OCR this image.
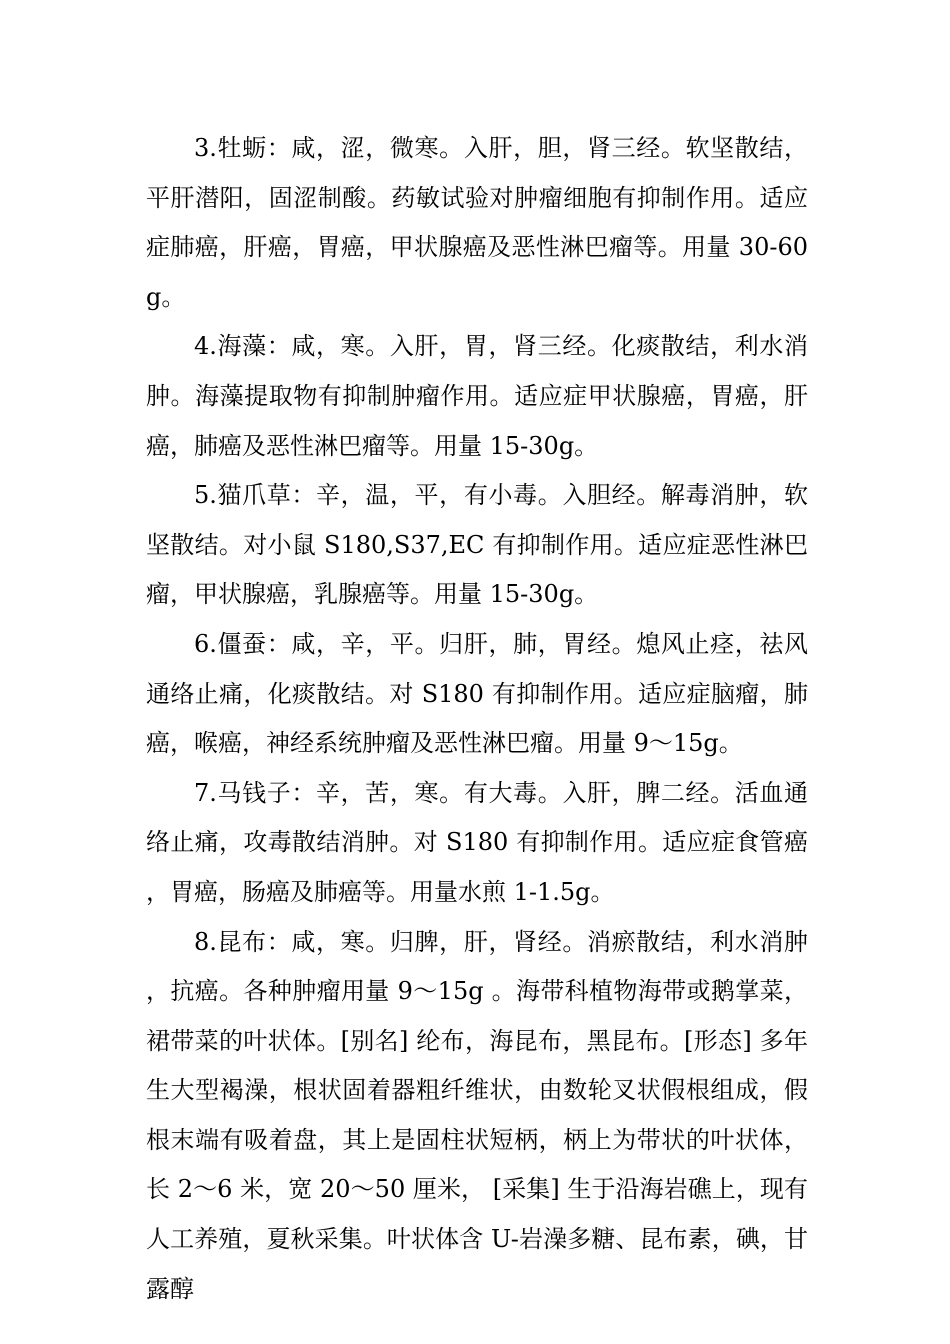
3.牡蛎：咸，涩，微寒。入肝，胆，肾三经。软坚散结，平肝潜阳，固涩制酸。药敏试验对肿瘤细胞有抑制作用。适应症肺癌，肝癌，胃癌，甲状腺癌及恶性淋巴瘤等。用量 30-60g。

4.海藻：咸，寒。入肝，胃，肾三经。化痰散结，利水消肿。海藻提取物有抑制肿瘤作用。适应症甲状腺癌，胃癌，肝癌，肺癌及恶性淋巴瘤等。用量 15-30g。

5.猫爪草：辛，温，平，有小毒。入胆经。解毒消肿，软坚散结。对小鼠 S180,S37,EC 有抑制作用。适应症恶性淋巴瘤，甲状腺癌，乳腺癌等。用量 15-30g。

6.僵蚕：咸，辛，平。归肝，肺，胃经。熄风止痉，祛风通络止痛，化痰散结。对 S180 有抑制作用。适应症脑瘤，肺癌，喉癌，神经系统肿瘤及恶性淋巴瘤。用量 9～15g。

7.马钱子：辛，苦，寒。有大毒。入肝，脾二经。活血通络止痛，攻毒散结消肿。对 S180 有抑制作用。适应症食管癌，胃癌，肠癌及肺癌等。用量水煎 1-1.5g。

8.昆布：咸，寒。归脾，肝，肾经。消瘀散结，利水消肿，抗癌。各种肿瘤用量 9～15g 。海带科植物海带或鹅掌菜，裙带菜的叶状体。[别名] 纶布，海昆布，黑昆布。[形态] 多年生大型褐澡，根状固着器粗纤维状，由数轮叉状假根组成，假根末端有吸着盘，其上是固柱状短柄，柄上为带状的叶状体，长 2～6 米，宽 20～50 厘米， [采集] 生于沿海岩礁上，现有人工养殖，夏秋采集。叶状体含 U-岩澡多糖、昆布素，碘，甘露醇
